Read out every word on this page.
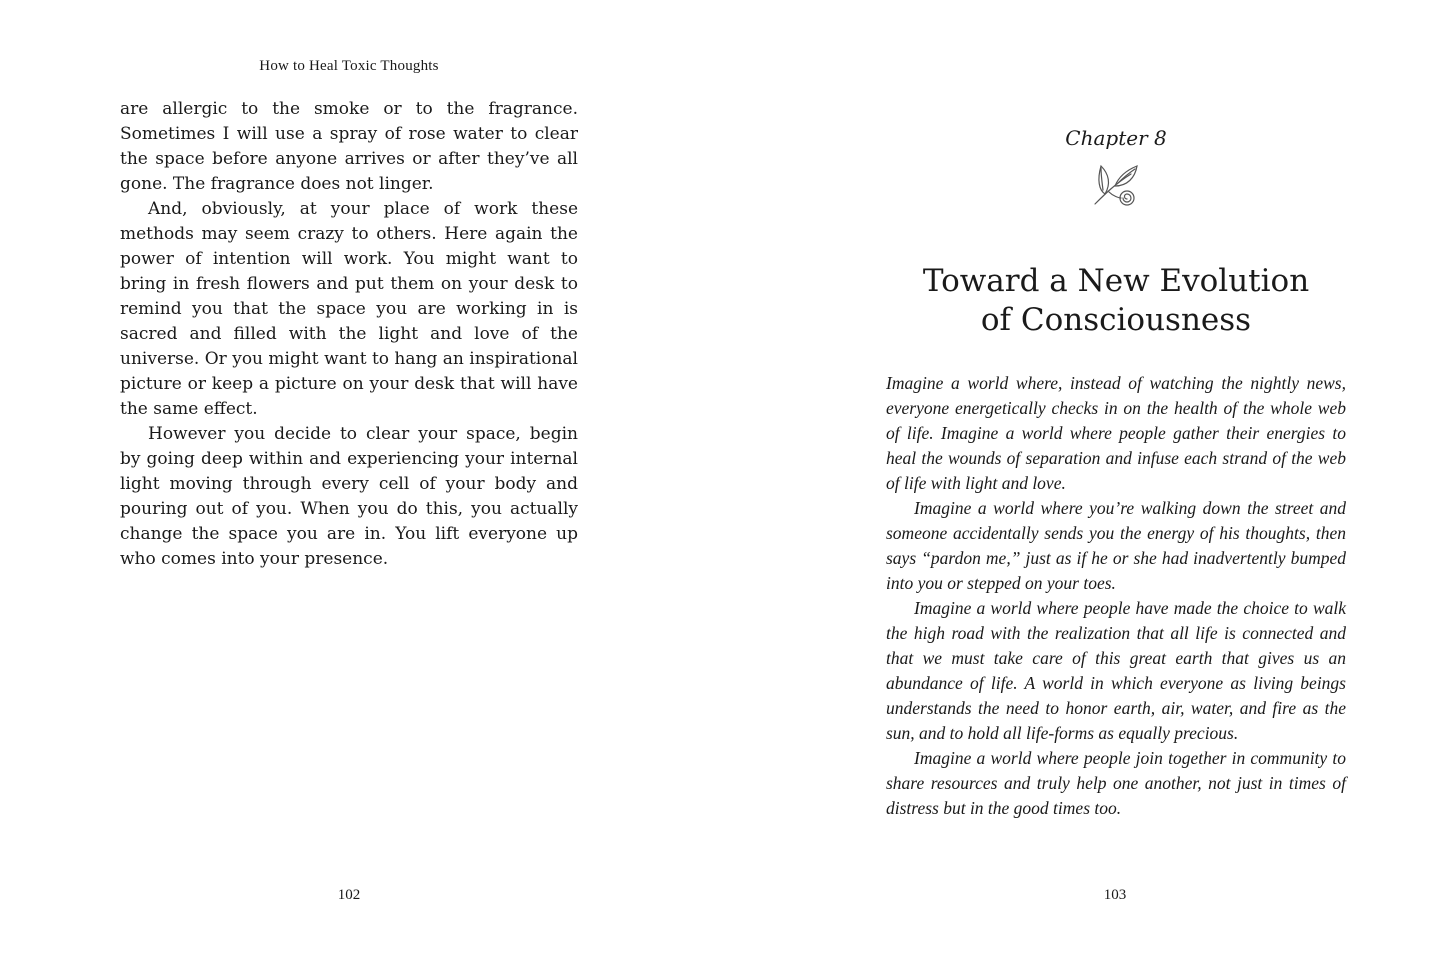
How to Heal Toxic Thoughts

are allergic to the smoke or to the fragrance. Sometimes I will use a spray of rose water to clear the space before anyone arrives or after they’ve all gone. The fragrance does not linger.

And, obviously, at your place of work these methods may seem crazy to others. Here again the power of intention will work. You might want to bring in fresh flowers and put them on your desk to remind you that the space you are working in is sacred and filled with the light and love of the universe. Or you might want to hang an inspirational picture or keep a picture on your desk that will have the same effect.

However you decide to clear your space, begin by going deep within and experiencing your internal light moving through every cell of your body and pouring out of you. When you do this, you actually change the space you are in. You lift everyone up who comes into your presence.

102
Chapter 8
Toward a New Evolution
of Consciousness

Imagine a world where, instead of watching the nightly news, everyone energetically checks in on the health of the whole web of life. Imagine a world where people gather their energies to heal the wounds of separation and infuse each strand of the web of life with light and love.

Imagine a world where you’re walking down the street and someone accidentally sends you the energy of his thoughts, then says “pardon me,” just as if he or she had inadvertently bumped into you or stepped on your toes.

Imagine a world where people have made the choice to walk the high road with the realization that all life is connected and that we must take care of this great earth that gives us an abundance of life. A world in which everyone as living beings understands the need to honor earth, air, water, and fire as the sun, and to hold all life-forms as equally precious.

Imagine a world where people join together in community to share resources and truly help one another, not just in times of distress but in the good times too.

103
